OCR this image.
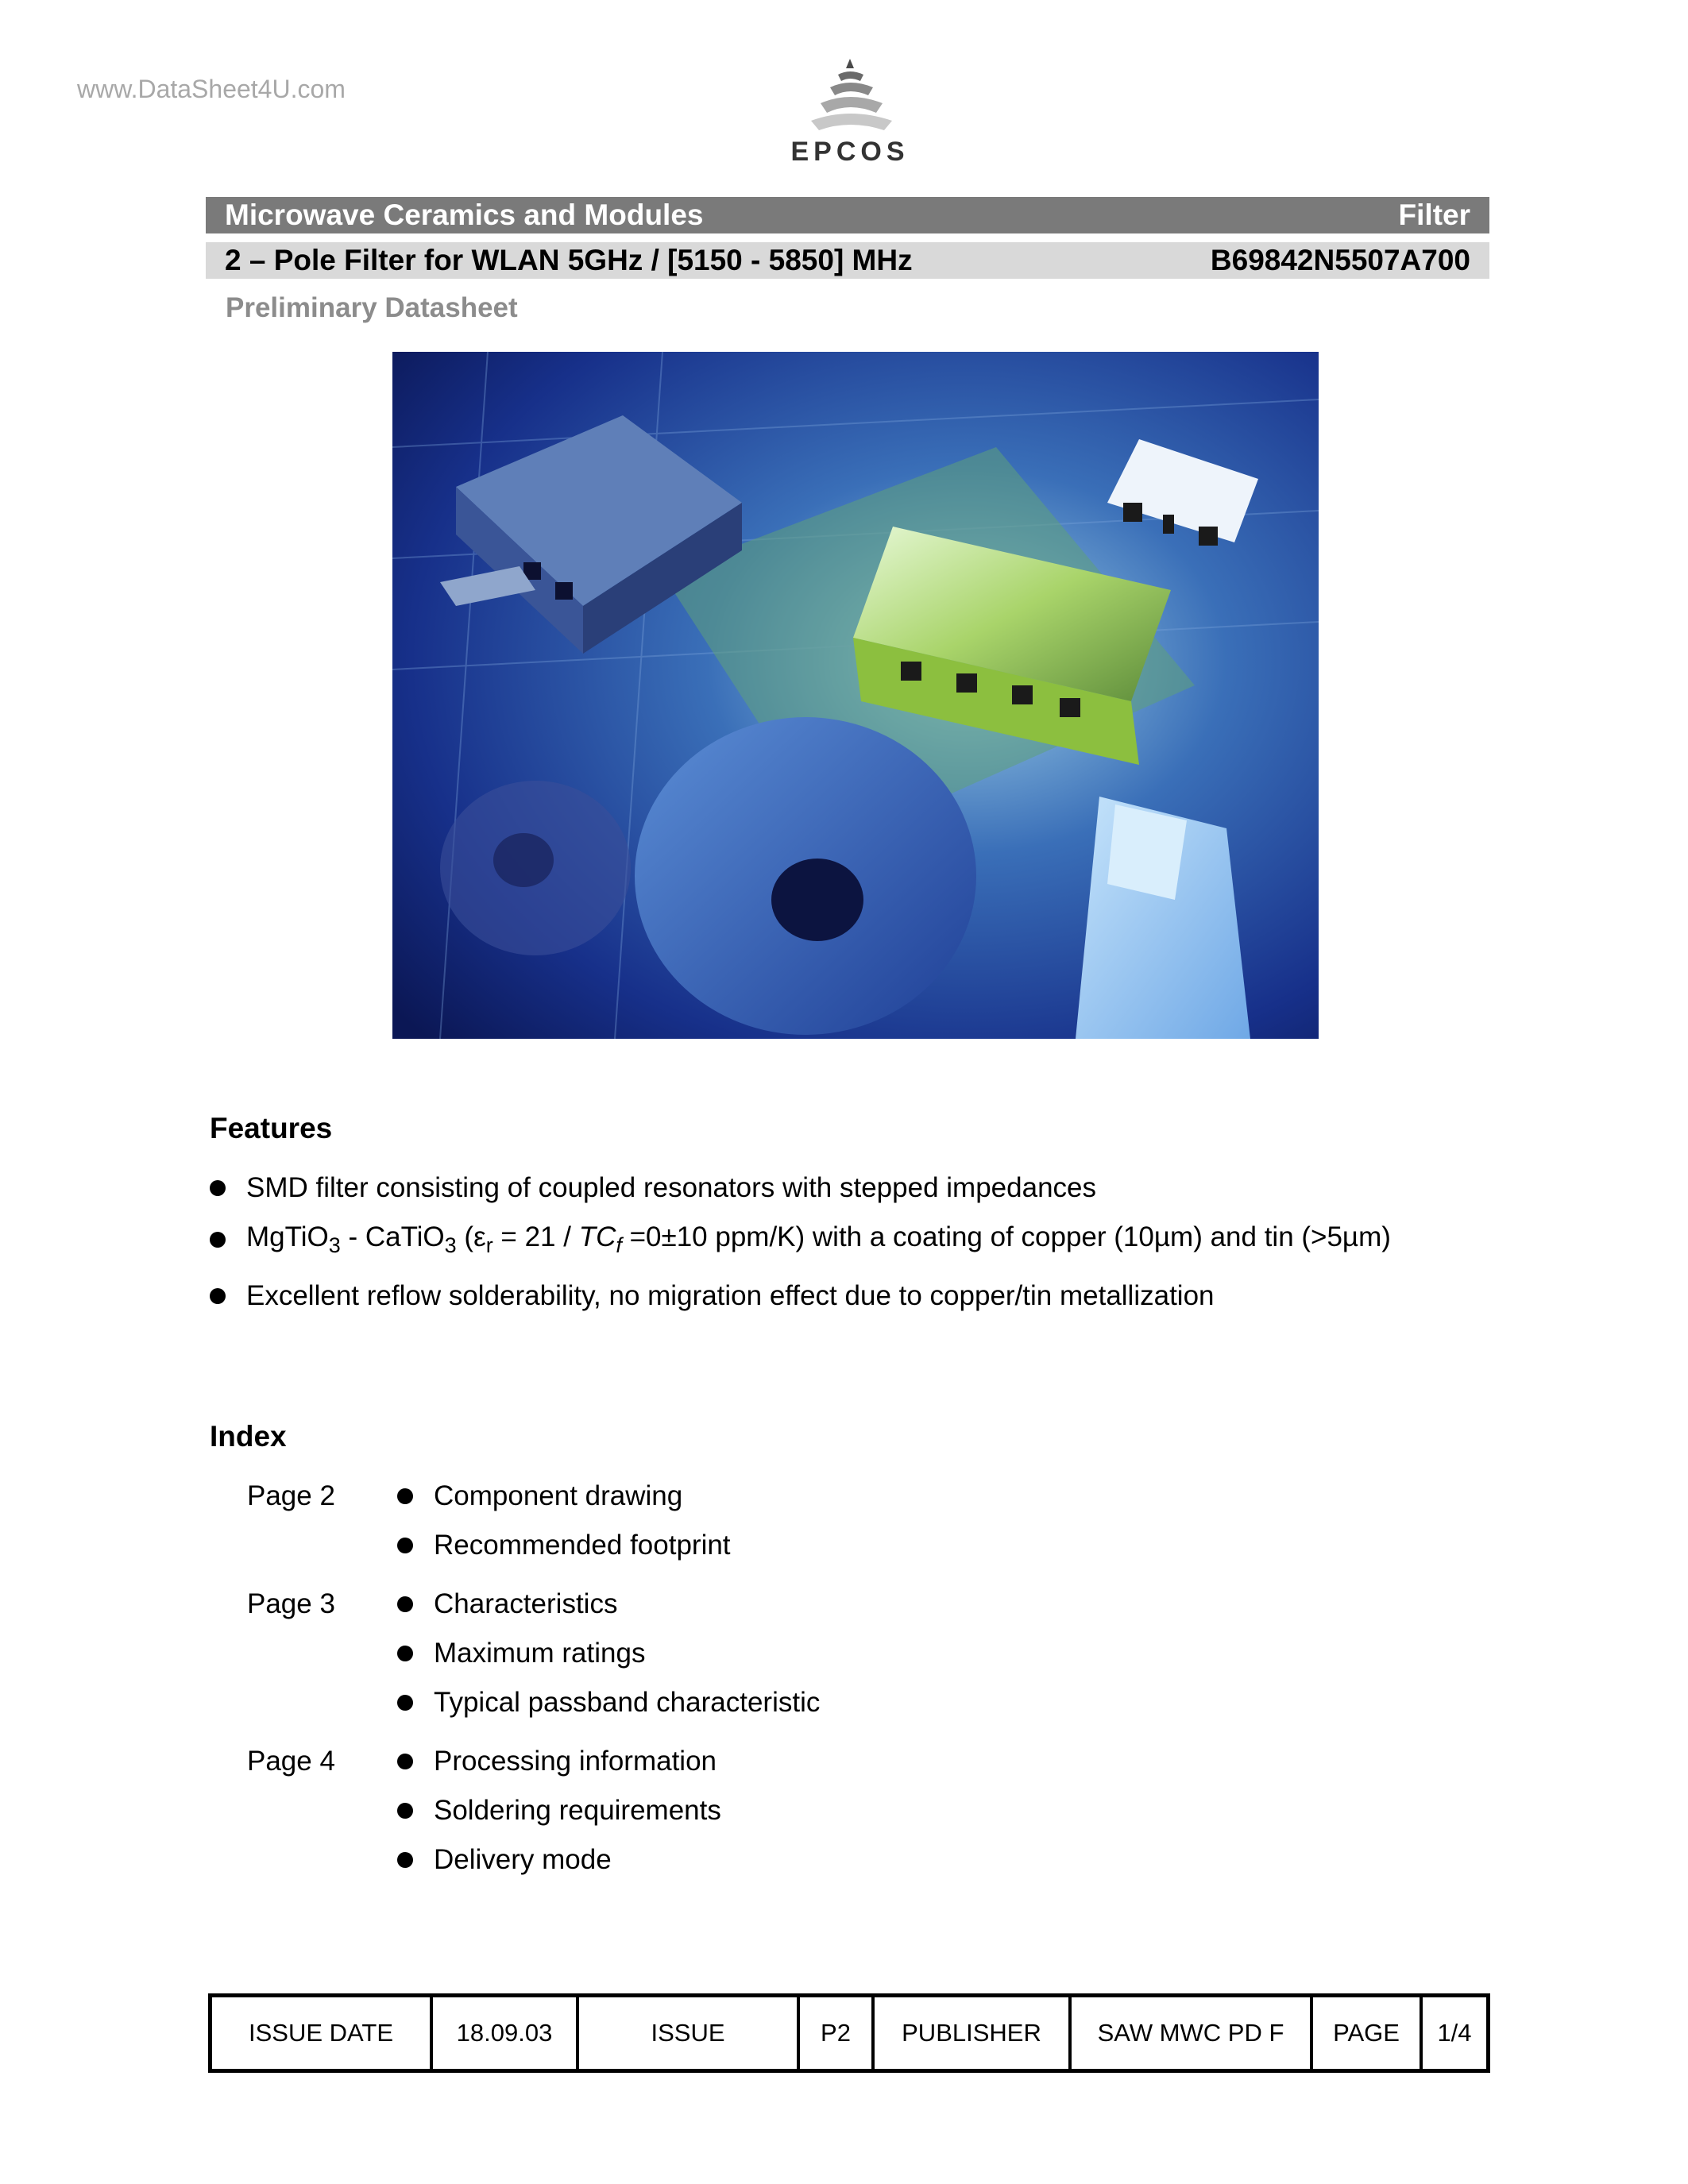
www.DataSheet4U.com
EPCOS
Microwave Ceramics and Modules	Filter
2 – Pole Filter for WLAN 5GHz / [5150 - 5850] MHz	B69842N5507A700
Preliminary Datasheet
Features
SMD filter consisting of coupled resonators with stepped impedances
MgTiO$_3$ - CaTiO$_3$ ($\varepsilon_r = 21 / TC_f =0\pm 10$ ppm/K) with a coating of copper (10µm) and tin (>5µm)
Excellent reflow solderability, no migration effect due to copper/tin metallization
Index
Page 2	Component drawing
Recommended footprint
Page 3	Characteristics
Maximum ratings
Typical passband characteristic
Page 4	Processing information
Soldering requirements
Delivery mode
ISSUE DATE	18.09.03	ISSUE	P2	PUBLISHER	SAW MWC PD F	PAGE	1/4
